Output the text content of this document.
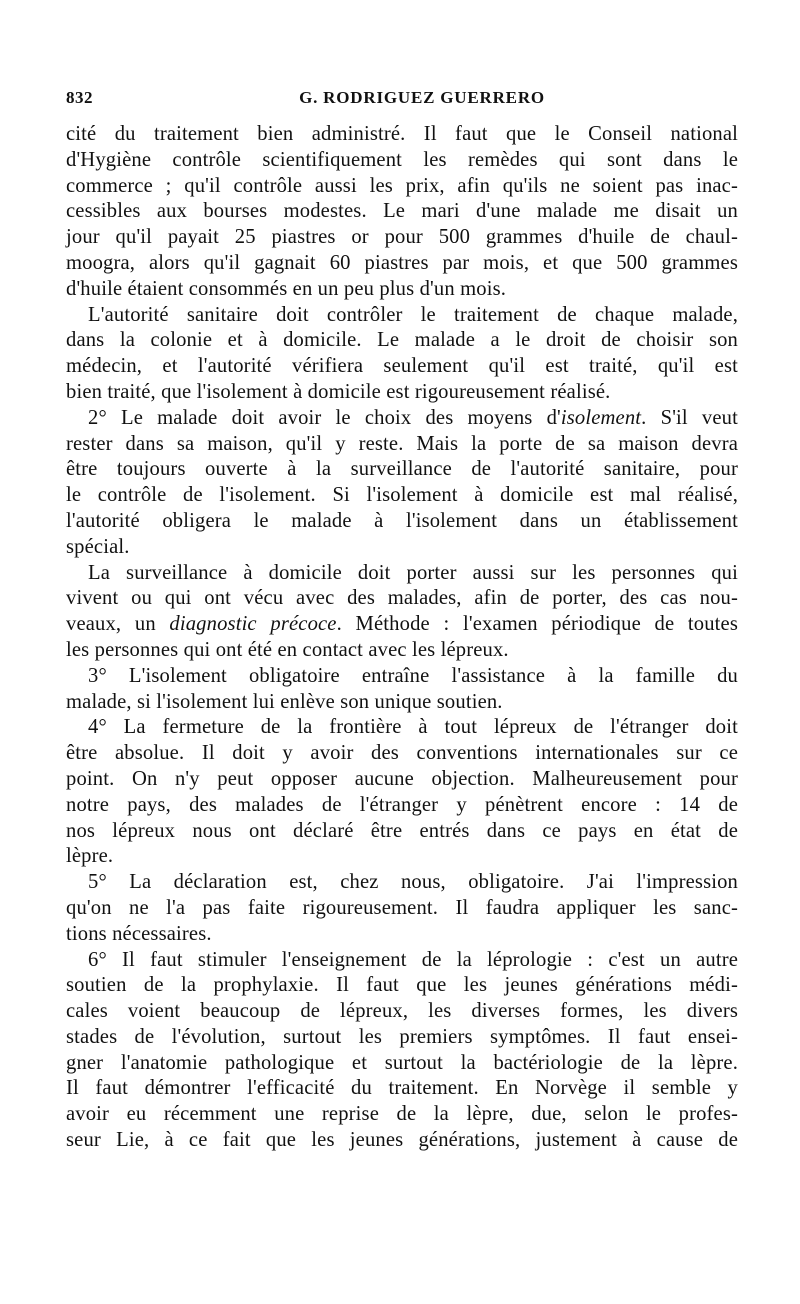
832	G. RODRIGUEZ GUERRERO

cité du traitement bien administré. Il faut que le Conseil national
d'Hygiène contrôle scientifiquement les remèdes qui sont dans le
commerce ; qu'il contrôle aussi les prix, afin qu'ils ne soient pas inac-
cessibles aux bourses modestes. Le mari d'une malade me disait un
jour qu'il payait 25 piastres or pour 500 grammes d'huile de chaul-
moogra, alors qu'il gagnait 60 piastres par mois, et que 500 grammes
d'huile étaient consommés en un peu plus d'un mois.

L'autorité sanitaire doit contrôler le traitement de chaque malade,
dans la colonie et à domicile. Le malade a le droit de choisir son
médecin, et l'autorité vérifiera seulement qu'il est traité, qu'il est
bien traité, que l'isolement à domicile est rigoureusement réalisé.

2° Le malade doit avoir le choix des moyens d'isolement. S'il veut
rester dans sa maison, qu'il y reste. Mais la porte de sa maison devra
être toujours ouverte à la surveillance de l'autorité sanitaire, pour
le contrôle de l'isolement. Si l'isolement à domicile est mal réalisé,
l'autorité obligera le malade à l'isolement dans un établissement
spécial.

La surveillance à domicile doit porter aussi sur les personnes qui
vivent ou qui ont vécu avec des malades, afin de porter, des cas nou-
veaux, un diagnostic précoce. Méthode : l'examen périodique de toutes
les personnes qui ont été en contact avec les lépreux.

3° L'isolement obligatoire entraîne l'assistance à la famille du
malade, si l'isolement lui enlève son unique soutien.

4° La fermeture de la frontière à tout lépreux de l'étranger doit
être absolue. Il doit y avoir des conventions internationales sur ce
point. On n'y peut opposer aucune objection. Malheureusement pour
notre pays, des malades de l'étranger y pénètrent encore : 14 de
nos lépreux nous ont déclaré être entrés dans ce pays en état de
lèpre.

5° La déclaration est, chez nous, obligatoire. J'ai l'impression
qu'on ne l'a pas faite rigoureusement. Il faudra appliquer les sanc-
tions nécessaires.

6° Il faut stimuler l'enseignement de la léprologie : c'est un autre
soutien de la prophylaxie. Il faut que les jeunes générations médi-
cales voient beaucoup de lépreux, les diverses formes, les divers
stades de l'évolution, surtout les premiers symptômes. Il faut ensei-
gner l'anatomie pathologique et surtout la bactériologie de la lèpre.
Il faut démontrer l'efficacité du traitement. En Norvège il semble y
avoir eu récemment une reprise de la lèpre, due, selon le profes-
seur Lie, à ce fait que les jeunes générations, justement à cause de
